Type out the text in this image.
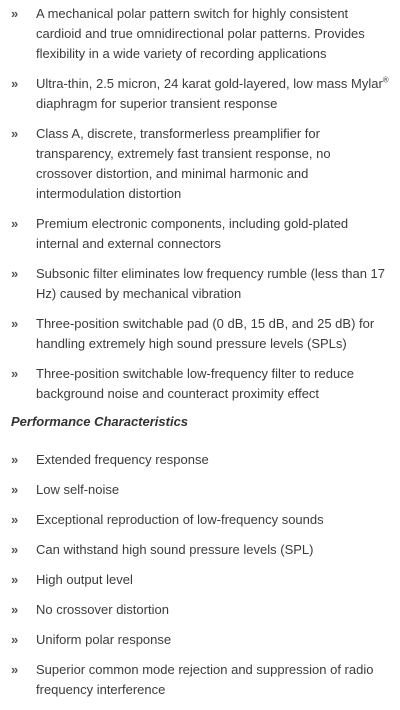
» A mechanical polar pattern switch for highly consistent cardioid and true omnidirectional polar patterns. Provides flexibility in a wide variety of recording applications
» Ultra-thin, 2.5 micron, 24 karat gold-layered, low mass Mylar® diaphragm for superior transient response
» Class A, discrete, transformerless preamplifier for transparency, extremely fast transient response, no crossover distortion, and minimal harmonic and intermodulation distortion
» Premium electronic components, including gold-plated internal and external connectors
» Subsonic filter eliminates low frequency rumble (less than 17 Hz) caused by mechanical vibration
» Three-position switchable pad (0 dB, 15 dB, and 25 dB) for handling extremely high sound pressure levels (SPLs)
» Three-position switchable low-frequency filter to reduce background noise and counteract proximity effect
Performance Characteristics
» Extended frequency response
» Low self-noise
» Exceptional reproduction of low-frequency sounds
» Can withstand high sound pressure levels (SPL)
» High output level
» No crossover distortion
» Uniform polar response
» Superior common mode rejection and suppression of radio frequency interference
